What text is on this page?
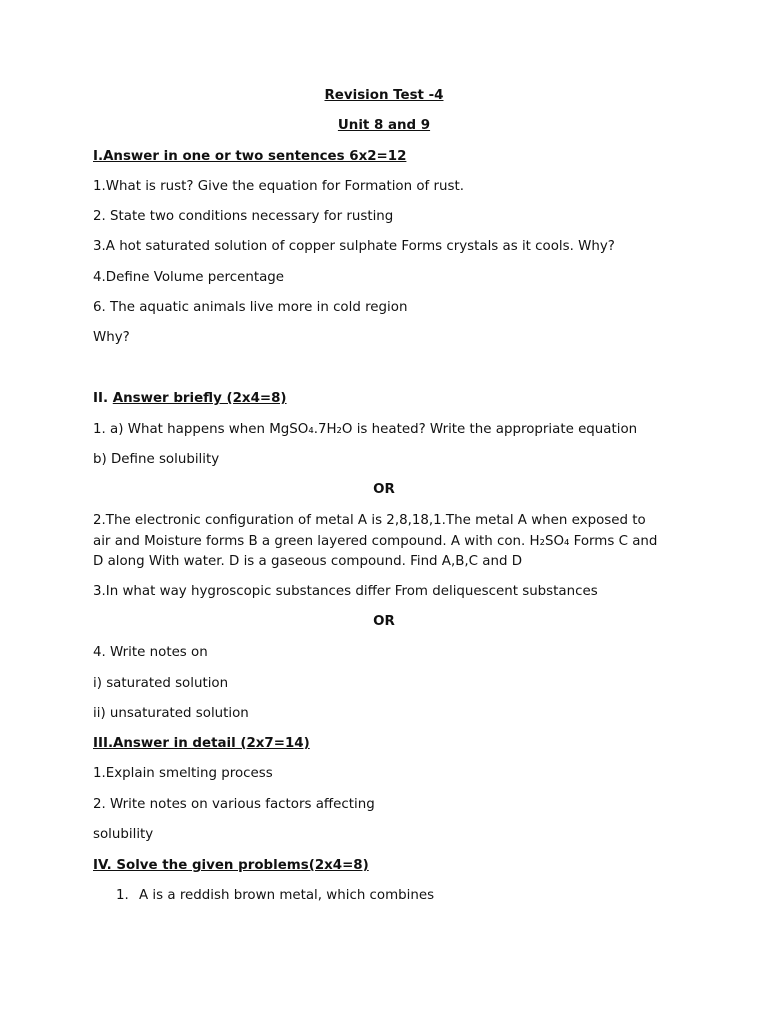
Revision Test -4
Unit 8 and 9
I.Answer in one or two sentences 6x2=12
1.What is rust? Give the equation for Formation of rust.
2. State two conditions necessary for rusting
3.A hot saturated solution of copper sulphate Forms crystals as it cools. Why?
4.Define Volume percentage
6. The aquatic animals live more in cold region
Why?
II. Answer briefly (2x4=8)
1. a) What happens when MgSO₄.7H₂O is heated? Write the appropriate equation
b) Define solubility
OR
2.The electronic configuration of metal A is 2,8,18,1.The metal A when exposed to air and Moisture forms B a green layered compound. A with con. H₂SO₄ Forms C and D along With water. D is a gaseous compound. Find A,B,C and D
3.In what way hygroscopic substances differ From deliquescent substances
OR
4. Write notes on
i) saturated solution
ii) unsaturated solution
III.Answer in detail (2x7=14)
1.Explain smelting process
2. Write notes on various factors affecting
solubility
IV. Solve the given problems(2x4=8)
1. A is a reddish brown metal, which combines
